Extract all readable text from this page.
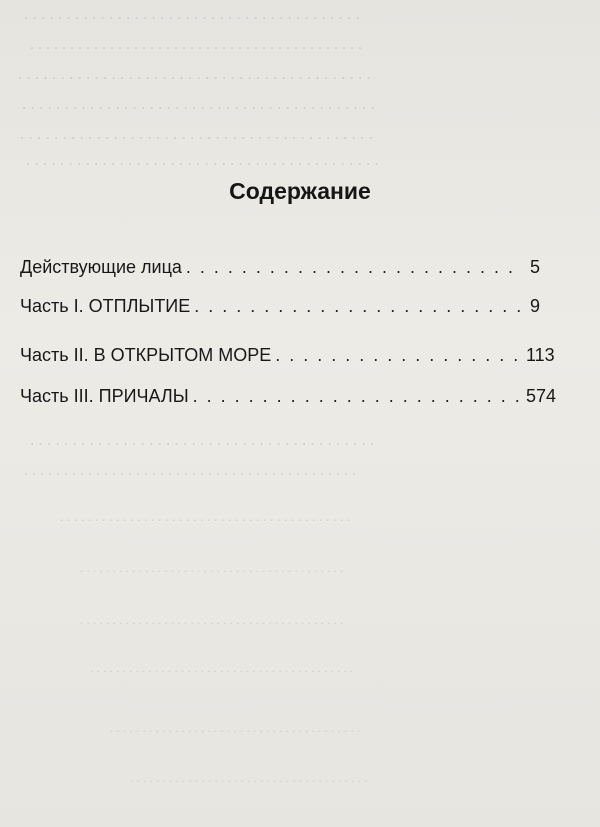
. . . . . . . . . . . . . . . . . . . . . . . . . . . . . . . . . . . . . . . .
. . . . . . . . . . . . . . . . . . . . . . . . . . . . . . . . . . . . . . . . . .
. . . . . . . . . . . . . . . . . . . . . . . . . . . . . . . . . . . . . . . . . .
. . . . . . . . . . . . . . . . . . . . . . . . . . . . . . . . . . . . . . . . . .
. . . . . . . . . . . . . . . . . . . . . . . . . . . . . . . . . . . . . . . . . .
. . . . . . . . . . . . . . . . . . . . . . . . . . . . . . . . . . . . . . . . . .
. . . . . . . . . . . . . . . . . . . . . . . . . . . . . . . . . . . . . . . . .
. . . . . . . . . . . . . . . . . . . . . . . . . . . . . . . . . . . . . . . . . .
. . . . . . . . . . . . . . . . . . . . . . . . . . . . . . . . . . . . . . . . . .
. . . . . . . . . . . . . . . . . . . . . . . . . . . . . . . . . . . . . . . . .
. . . . . . . . . . . . . . . . . . . . . . . . . . . . . . . . . . . . . . . . .
. . . . . . . . . . . . . . . . . . . . . . . . . . . . . . . . . . . . . . . . .
. . . . . . . . . . . . . . . . . . . . . . . . . . . . . . . . . . . . . . .
. . . . . . . . . . . . . . . . . . . . . . . . . . . . . . . . . . . . .
Содержание
Действующие лица . . .	5
Часть I. ОТПЛЫТИЕ . . .	9
Часть II. В ОТКРЫТОМ МОРЕ . . .	113
Часть III. ПРИЧАЛЫ . . .	574
